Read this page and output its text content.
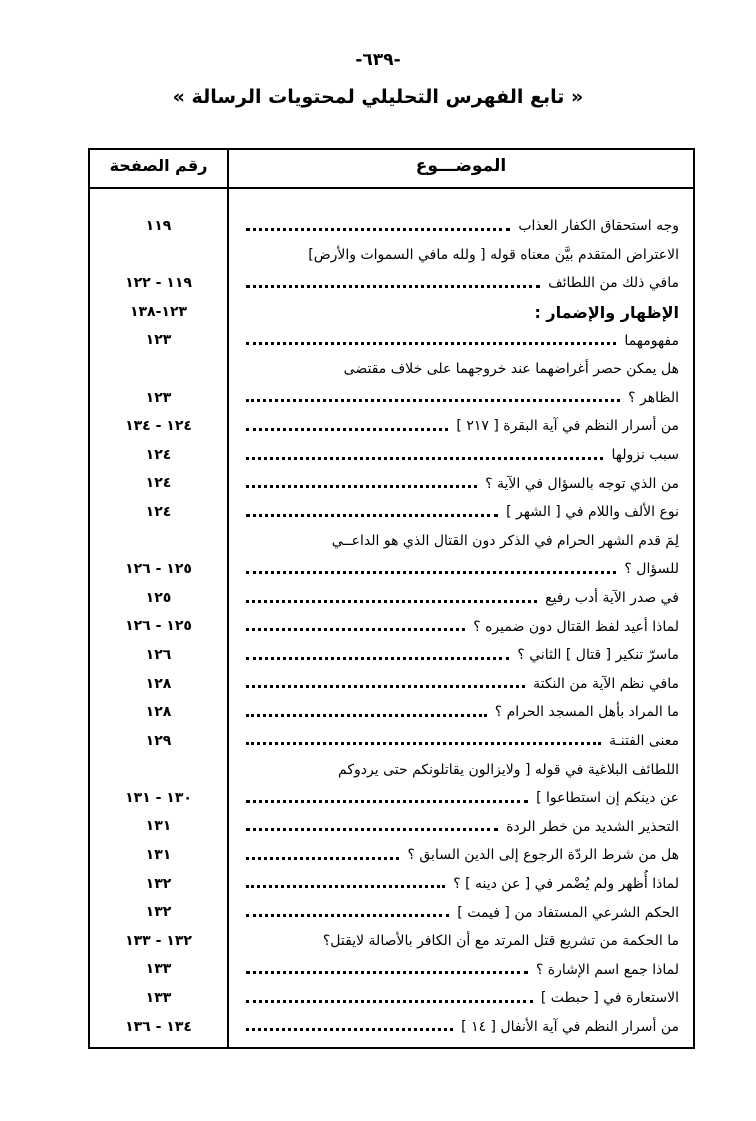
-٦٣٩-
« تابع الفهرس التحليلي لمحتويات الرسالة »
الموضـــوع
رقم الصفحة
وجه استحقاق الكفار العذاب
١١٩
الاعتراض المتقدم بيَّن معناه قوله [ ولله مافي السموات والأرض]
مافي ذلك من اللطائف
١١٩ - ١٢٢
الإظهار والإضمار :
١٢٣-١٣٨
مفهومهما
١٢٣
هل يمكن حصر أغراضهما عند خروجهما على خلاف مقتضى
الظاهر ؟
١٢٣
من أسرار النظم في آية البقرة [ ٢١٧ ]
١٢٤ - ١٣٤
سبب نزولها
١٢٤
من الذي توجه بالسؤال في الآية ؟
١٢٤
نوع الألف واللام في [ الشهر ]
١٢٤
لِمَ قدم الشهر الحرام في الذكر دون القتال الذي هو الداعــي
للسؤال ؟
١٢٥ - ١٢٦
في صدر الآية أدب رفيع
١٢٥
لماذا أعيد لفظ القتال دون ضميره ؟
١٢٥ - ١٢٦
ماسرّ تنكير [ قتال ] الثاني ؟
١٢٦
مافي نظم الآية من النكتة
١٢٨
ما المراد بأهل المسجد الحرام ؟
١٢٨
معنى الفتنـة
١٢٩
اللطائف البلاغية في قوله [ ولايزالون يقاتلونكم حتى يردوكم
عن دينكم إن استطاعوا ]
١٣٠ - ١٣١
التحذير الشديد من خطر الردة
١٣١
هل من شرط الردّة الرجوع إلى الدين السابق ؟
١٣١
لماذا أُظهر ولم يُضْمر في [ عن دينه ] ؟
١٣٢
الحكم الشرعي المستفاد من [ فيمت ]
١٣٢
ما الحكمة من تشريع قتل المرتد مع أن الكافر بالأصالة لايقتل؟
١٣٢ - ١٣٣
لماذا جمع اسم الإشارة ؟
١٣٣
الاستعارة في [ حبطت ]
١٣٣
من أسرار النظم في آية الأنفال [ ١٤ ]
١٣٤ - ١٣٦
